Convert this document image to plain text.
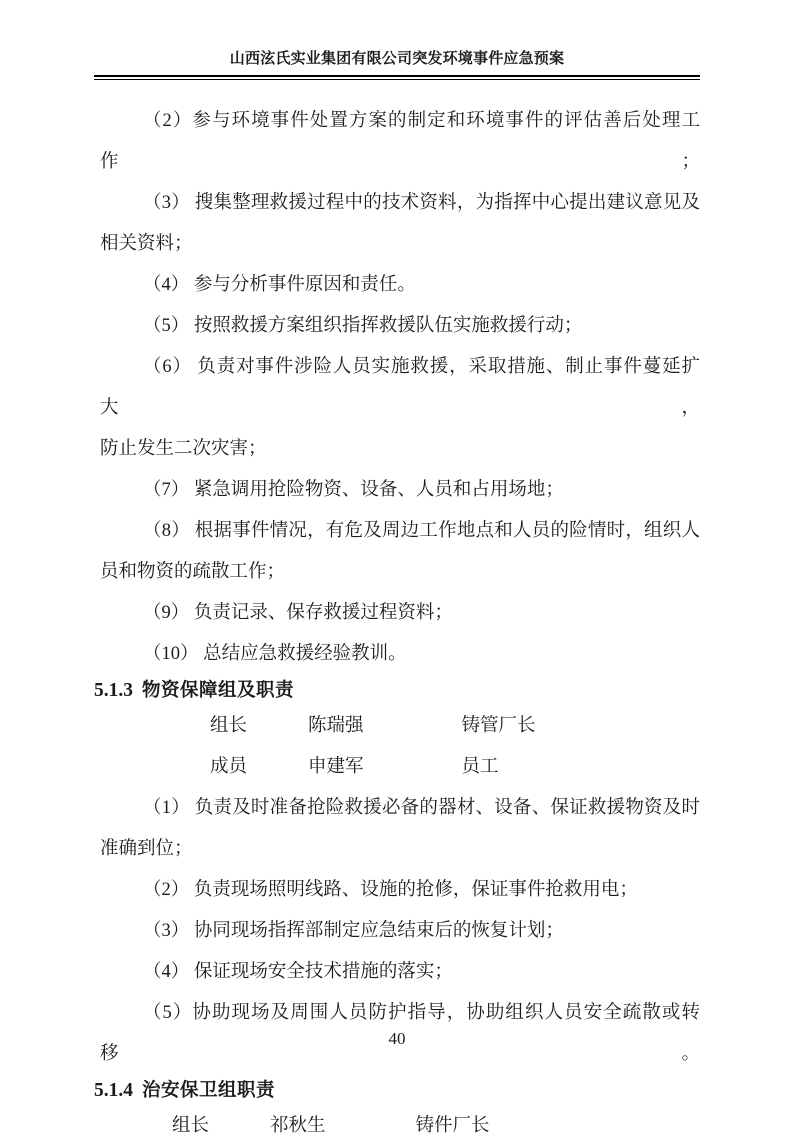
山西泫氏实业集团有限公司突发环境事件应急预案

（2）参与环境事件处置方案的制定和环境事件的评估善后处理工作；

（3） 搜集整理救援过程中的技术资料，为指挥中心提出建议意见及
相关资料；

（4） 参与分析事件原因和责任。

（5） 按照救援方案组织指挥救援队伍实施救援行动；

（6） 负责对事件涉险人员实施救援，采取措施、制止事件蔓延扩大，
防止发生二次灾害；

（7） 紧急调用抢险物资、设备、人员和占用场地；

（8） 根据事件情况，有危及周边工作地点和人员的险情时，组织人
员和物资的疏散工作；

（9） 负责记录、保存救援过程资料；

（10） 总结应急救援经验教训。

5.1.3 物资保障组及职责
组长	陈瑞强	铸管厂长
成员	申建军	员工

（1） 负责及时准备抢险救援必备的器材、设备、保证救援物资及时
准确到位；

（2） 负责现场照明线路、设施的抢修，保证事件抢救用电；

（3） 协同现场指挥部制定应急结束后的恢复计划；

（4） 保证现场安全技术措施的落实；

（5）协助现场及周围人员防护指导，协助组织人员安全疏散或转移。

5.1.4 治安保卫组职责
组长	祁秋生	铸件厂长
40
